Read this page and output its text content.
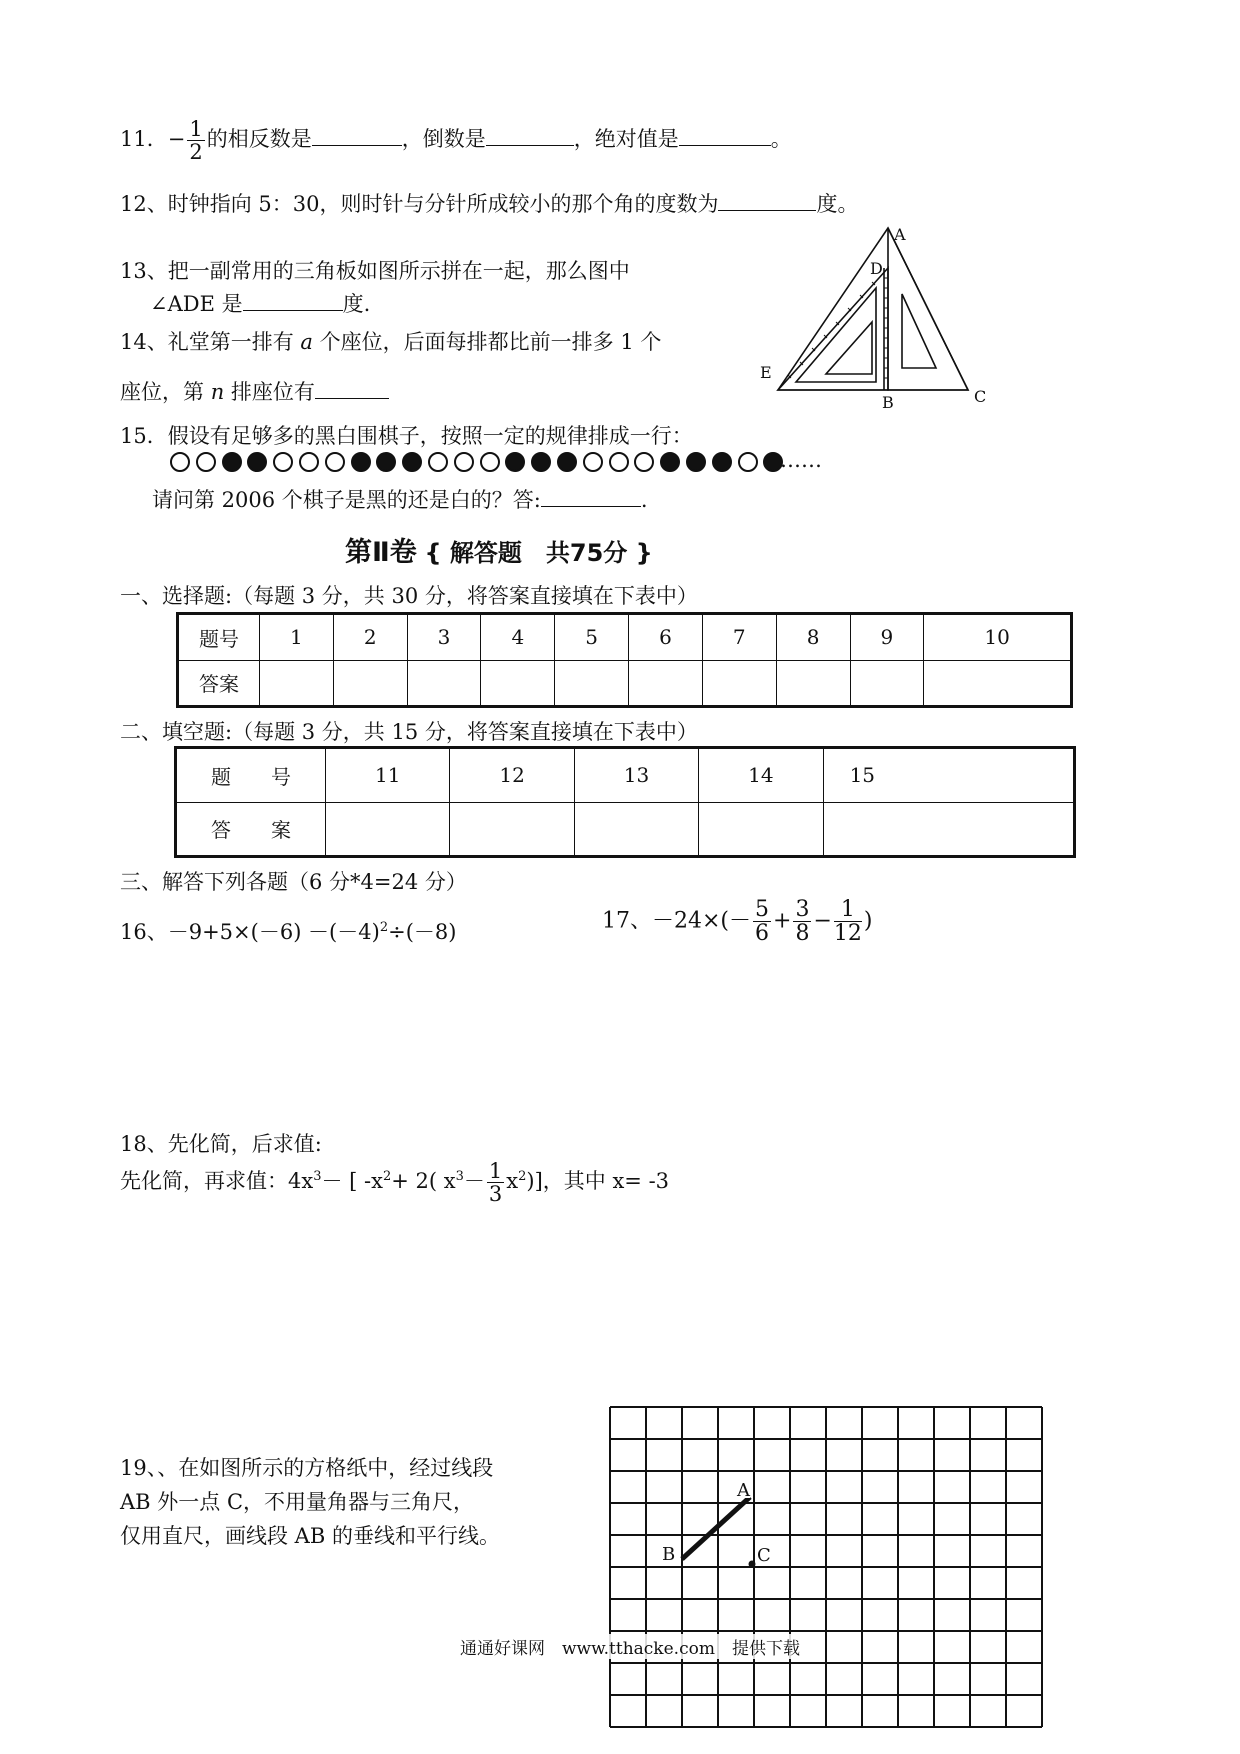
11．− $\frac{1}{2}$ 的相反数是	，倒数是	，绝对值是	。
12、时钟指向 5：30，则时针与分针所成较小的那个角的度数为	度。
13、把一副常用的三角板如图所示拼在一起，那么图中
∠ADE 是	度.
14、礼堂第一排有 a 个座位，后面每排都比前一排多 1 个
座位，第 n 排座位有
A
D
E
B	C
15．假设有足够多的黑白围棋子，按照一定的规律排成一行：
……
请问第 2006 个棋子是黑的还是白的？答:	.
第Ⅱ卷 { 解答题　共75分 }
一、选择题:（每题 3 分，共 30 分，将答案直接填在下表中）
题号	1	2	3	4	5	6	7	8	9	10
答案										
二、填空题:（每题 3 分，共 15 分，将答案直接填在下表中）
题　　号	11	12	13	14	15
答　　案					
三、解答下列各题（6 分*4=24 分）
16、$-9+5\times(-6) -(-4)^2\div(-8)$	17、$-24\times(- \frac{5}{6} + \frac{3}{8} - \frac{1}{12}$ )
18、先化简，后求值:
先化简，再求值：$4x^3-$ [ $-x^2+ 2$( $x^3- \frac{1}{3} x^2$)]，其中 x= -3
19、、在如图所示的方格纸中，经过线段
AB 外一点 C，不用量角器与三角尺，
仅用直尺，画线段 AB 的垂线和平行线。
A
B	C
通通好课网　www.tthacke.com　提供下载
